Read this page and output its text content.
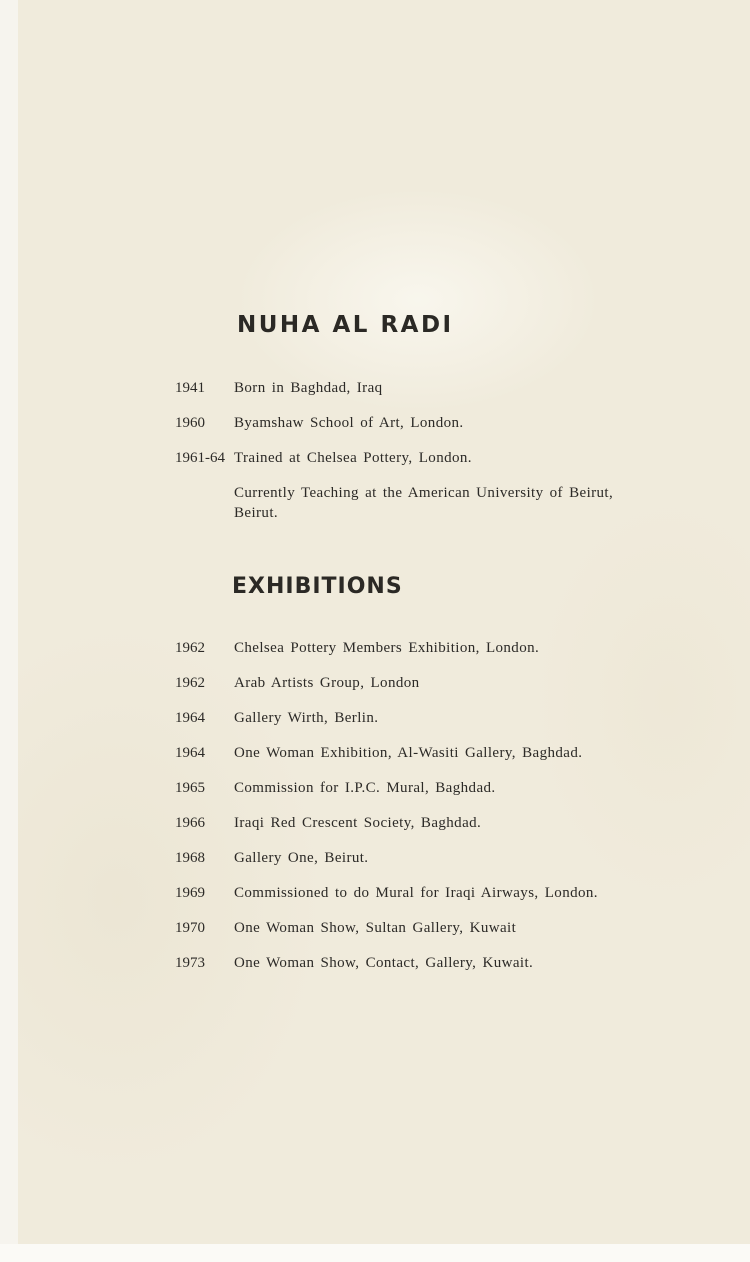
NUHA AL RADI
1941 Born in Baghdad, Iraq
1960 Byamshaw School of Art, London.
1961-64 Trained at Chelsea Pottery, London.
Currently Teaching at the American University of Beirut, Beirut.
EXHIBITIONS
1962 Chelsea Pottery Members Exhibition, London.
1962 Arab Artists Group, London
1964 Gallery Wirth, Berlin.
1964 One Woman Exhibition, Al-Wasiti Gallery, Baghdad.
1965 Commission for I.P.C. Mural, Baghdad.
1966 Iraqi Red Crescent Society, Baghdad.
1968 Gallery One, Beirut.
1969 Commissioned to do Mural for Iraqi Airways, London.
1970 One Woman Show, Sultan Gallery, Kuwait
1973 One Woman Show, Contact, Gallery, Kuwait.
